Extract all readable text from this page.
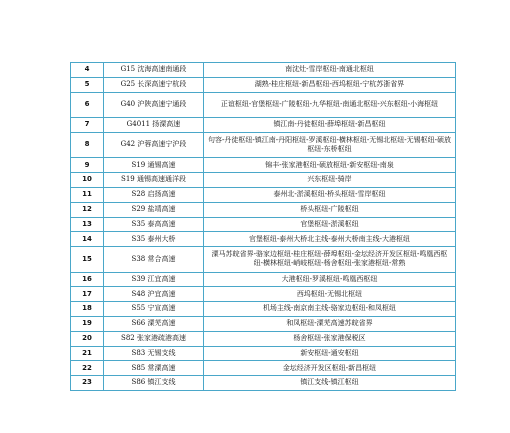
4	G15 沈海高速南通段	南沈灶-雪岸枢纽-南通北枢纽
5	G25 长深高速宁杭段	湖熟-桂庄枢纽-新昌枢纽-西坞枢纽-宁杭苏浙省界
6	G40 沪陕高速宁通段	正谊枢纽-官堡枢纽-广陵枢纽-九华枢纽-南通北枢纽-兴东枢纽-小海枢纽
7	G4011 扬溧高速	镇江南-丹徒枢纽-薛埠枢纽-新昌枢纽
8	G42 沪蓉高速宁沪段	句容-丹徒枢纽-镇江南-丹阳枢纽-罗溪枢纽-横林枢纽-无锡北枢纽-无锡枢纽-硕放枢纽-东桥枢纽
9	S19 通锡高速	锦丰-张家港枢纽-硕放枢纽-新安枢纽-南泉
10	S19 通锡高速通洋段	兴东枢纽-骑岸
11	S28 启扬高速	泰州北-淤溪枢纽-桥头枢纽-雪岸枢纽
12	S29 盐靖高速	桥头枢纽-广陵枢纽
13	S35 泰高高速	官堡枢纽-淤溪枢纽
14	S35 泰州大桥	官堡枢纽-泰州大桥北主线-泰州大桥南主线-大港枢纽
15	S38 常合高速	溧马苏皖省界-骆家边枢纽-桂庄枢纽-薛埠枢纽-金坛经济开发区枢纽-鸣凰西枢纽-横林枢纽-峭岐枢纽-杨舍枢纽-张家港枢纽-常熟
16	S39 江宜高速	大港枢纽-罗溪枢纽-鸣凰西枢纽
17	S48 沪宜高速	西坞枢纽-无锡北枢纽
18	S55 宁宣高速	机场主线-南京南主线-骆家边枢纽-和凤枢纽
19	S66 溧芜高速	和凤枢纽-溧芜高速苏皖省界
20	S82 张家港疏港高速	杨舍枢纽-张家港保税区
21	S83 无锡支线	新安枢纽-通安枢纽
22	S85 常溧高速	金坛经济开发区枢纽-新昌枢纽
23	S86 镇江支线	镇江支线-镇江枢纽
